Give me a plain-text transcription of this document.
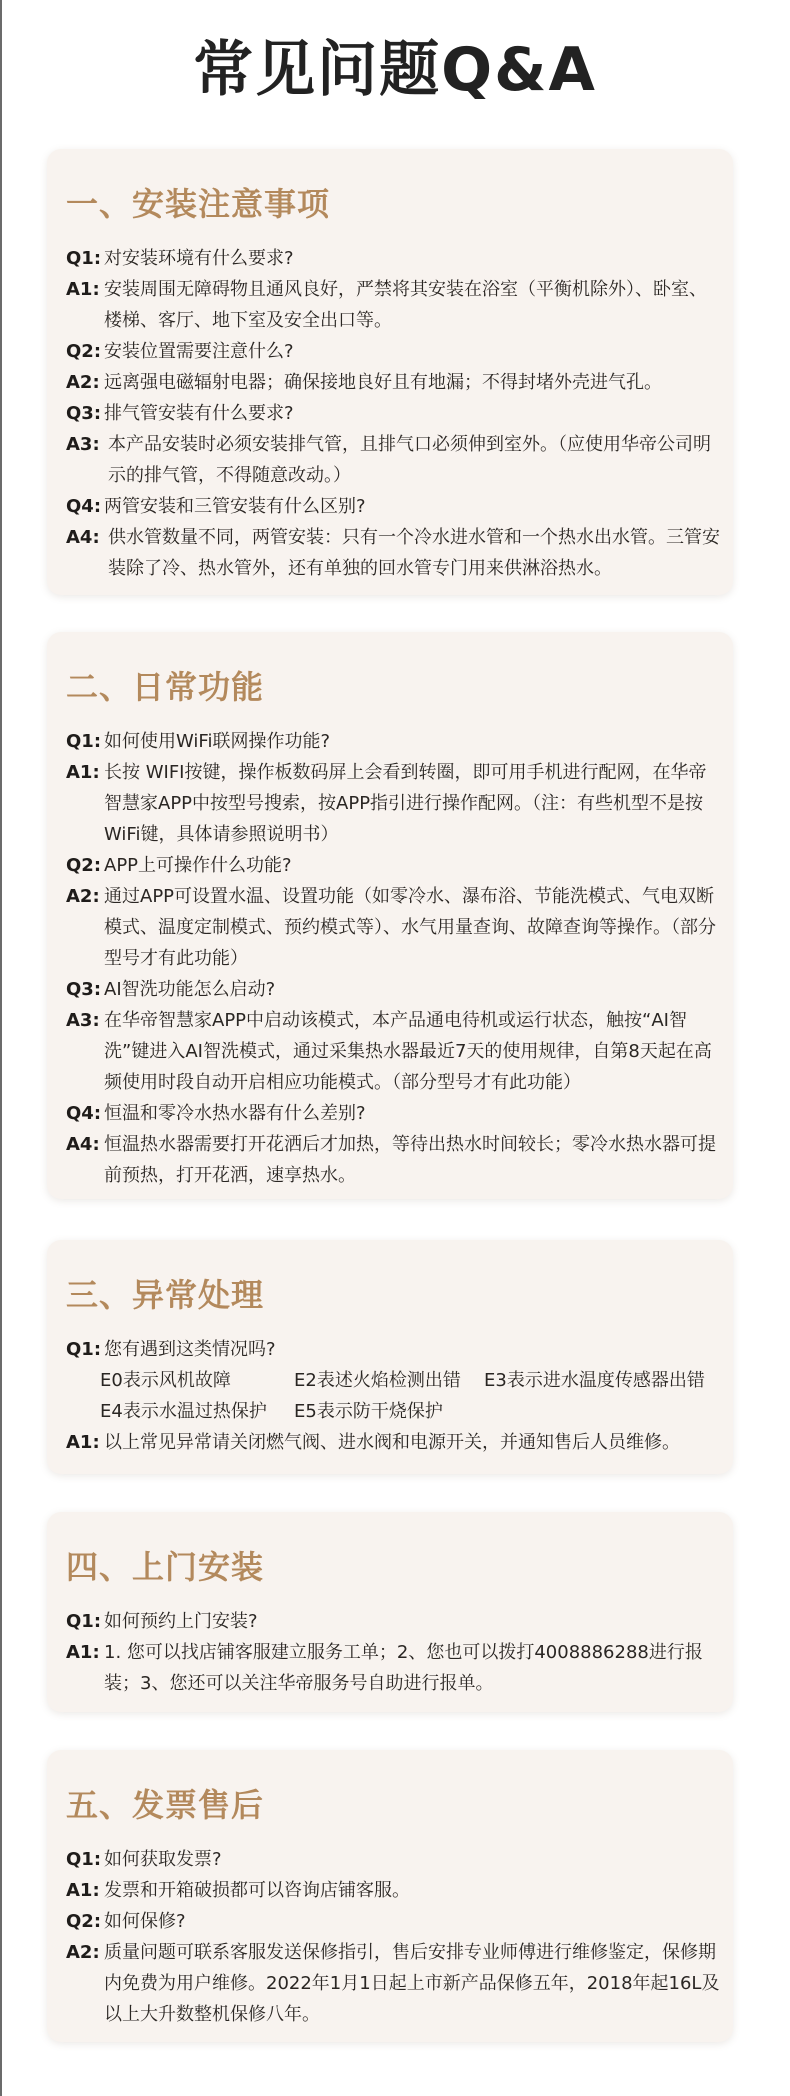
常见问题Q&A
一、安装注意事项
Q1: 对安装环境有什么要求?
A1: 安装周围无障碍物且通风良好，严禁将其安装在浴室（平衡机除外）、卧室、楼梯、客厅、地下室及安全出口等。
Q2: 安装位置需要注意什么?
A2: 远离强电磁辐射电器；确保接地良好且有地漏；不得封堵外壳进气孔。
Q3: 排气管安装有什么要求?
A3: 本产品安装时必须安装排气管，且排气口必须伸到室外。（应使用华帝公司明示的排气管，不得随意改动。）
Q4: 两管安装和三管安装有什么区别?
A4: 供水管数量不同，两管安装：只有一个冷水进水管和一个热水出水管。三管安装除了冷、热水管外，还有单独的回水管专门用来供淋浴热水。
二、日常功能
Q1: 如何使用WiFi联网操作功能?
A1: 长按 WIFI按键，操作板数码屏上会看到转圈，即可用手机进行配网，在华帝智慧家APP中按型号搜索，按APP指引进行操作配网。（注：有些机型不是按WiFi键，具体请参照说明书）
Q2: APP上可操作什么功能?
A2: 通过APP可设置水温、设置功能（如零冷水、瀑布浴、节能洗模式、气电双断模式、温度定制模式、预约模式等）、水气用量查询、故障查询等操作。（部分型号才有此功能）
Q3: AI智洗功能怎么启动?
A3: 在华帝智慧家APP中启动该模式，本产品通电待机或运行状态，触按“AI智洗”键进入AI智洗模式，通过采集热水器最近7天的使用规律，自第8天起在高频使用时段自动开启相应功能模式。（部分型号才有此功能）
Q4: 恒温和零冷水热水器有什么差别?
A4: 恒温热水器需要打开花洒后才加热，等待出热水时间较长；零冷水热水器可提前预热，打开花洒，速享热水。
三、异常处理
Q1: 您有遇到这类情况吗?
E0表示风机故障	E2表述火焰检测出错	E3表示进水温度传感器出错
E4表示水温过热保护	E5表示防干烧保护
A1: 以上常见异常请关闭燃气阀、进水阀和电源开关，并通知售后人员维修。
四、上门安装
Q1: 如何预约上门安装?
A1: 1. 您可以找店铺客服建立服务工单；2、您也可以拨打4008886288进行报装；3、您还可以关注华帝服务号自助进行报单。
五、发票售后
Q1: 如何获取发票?
A1: 发票和开箱破损都可以咨询店铺客服。
Q2: 如何保修?
A2: 质量问题可联系客服发送保修指引，售后安排专业师傅进行维修鉴定，保修期内免费为用户维修。2022年1月1日起上市新产品保修五年，2018年起16L及以上大升数整机保修八年。
